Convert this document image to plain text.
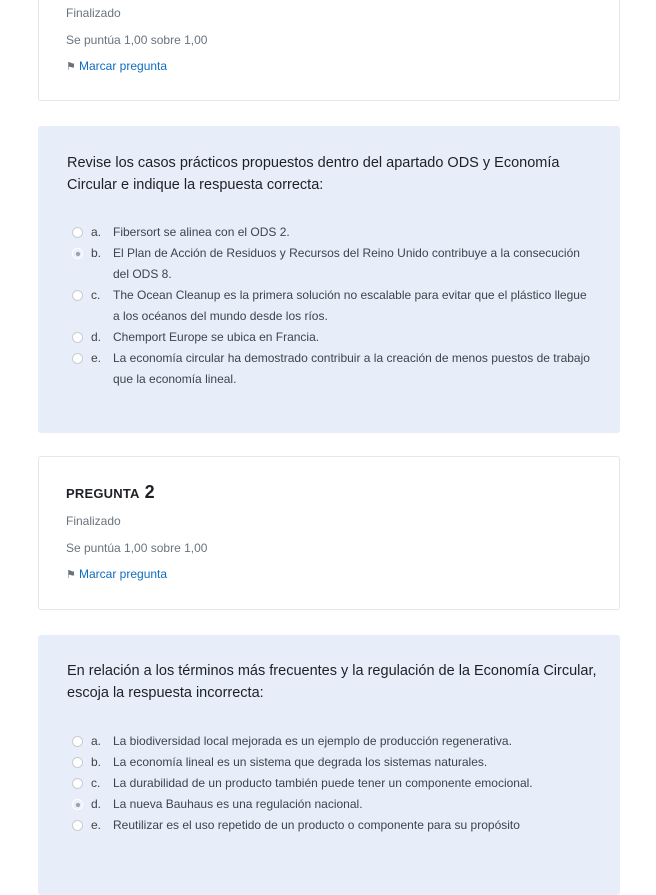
Finalizado
Se puntúa 1,00 sobre 1,00
⚑ Marcar pregunta
Revise los casos prácticos propuestos dentro del apartado ODS y Economía Circular e indique la respuesta correcta:
a. Fibersort se alinea con el ODS 2.
b. El Plan de Acción de Residuos y Recursos del Reino Unido contribuye a la consecución del ODS 8.
c.	The Ocean Cleanup es la primera solución no escalable para evitar que el plástico llegue a los océanos del mundo desde los ríos.
d. Chemport Europe se ubica en Francia.
e. La economía circular ha demostrado contribuir a la creación de menos puestos de trabajo que la economía lineal.
PREGUNTA 2
Finalizado
Se puntúa 1,00 sobre 1,00
⚑ Marcar pregunta
En relación a los términos más frecuentes y la regulación de la Economía Circular, escoja la respuesta incorrecta:
a. La biodiversidad local mejorada es un ejemplo de producción regenerativa.
b. La economía lineal es un sistema que degrada los sistemas naturales.
c.	La durabilidad de un producto también puede tener un componente emocional.
d. La nueva Bauhaus es una regulación nacional.
e. Reutilizar es el uso repetido de un producto o componente para su propósito
